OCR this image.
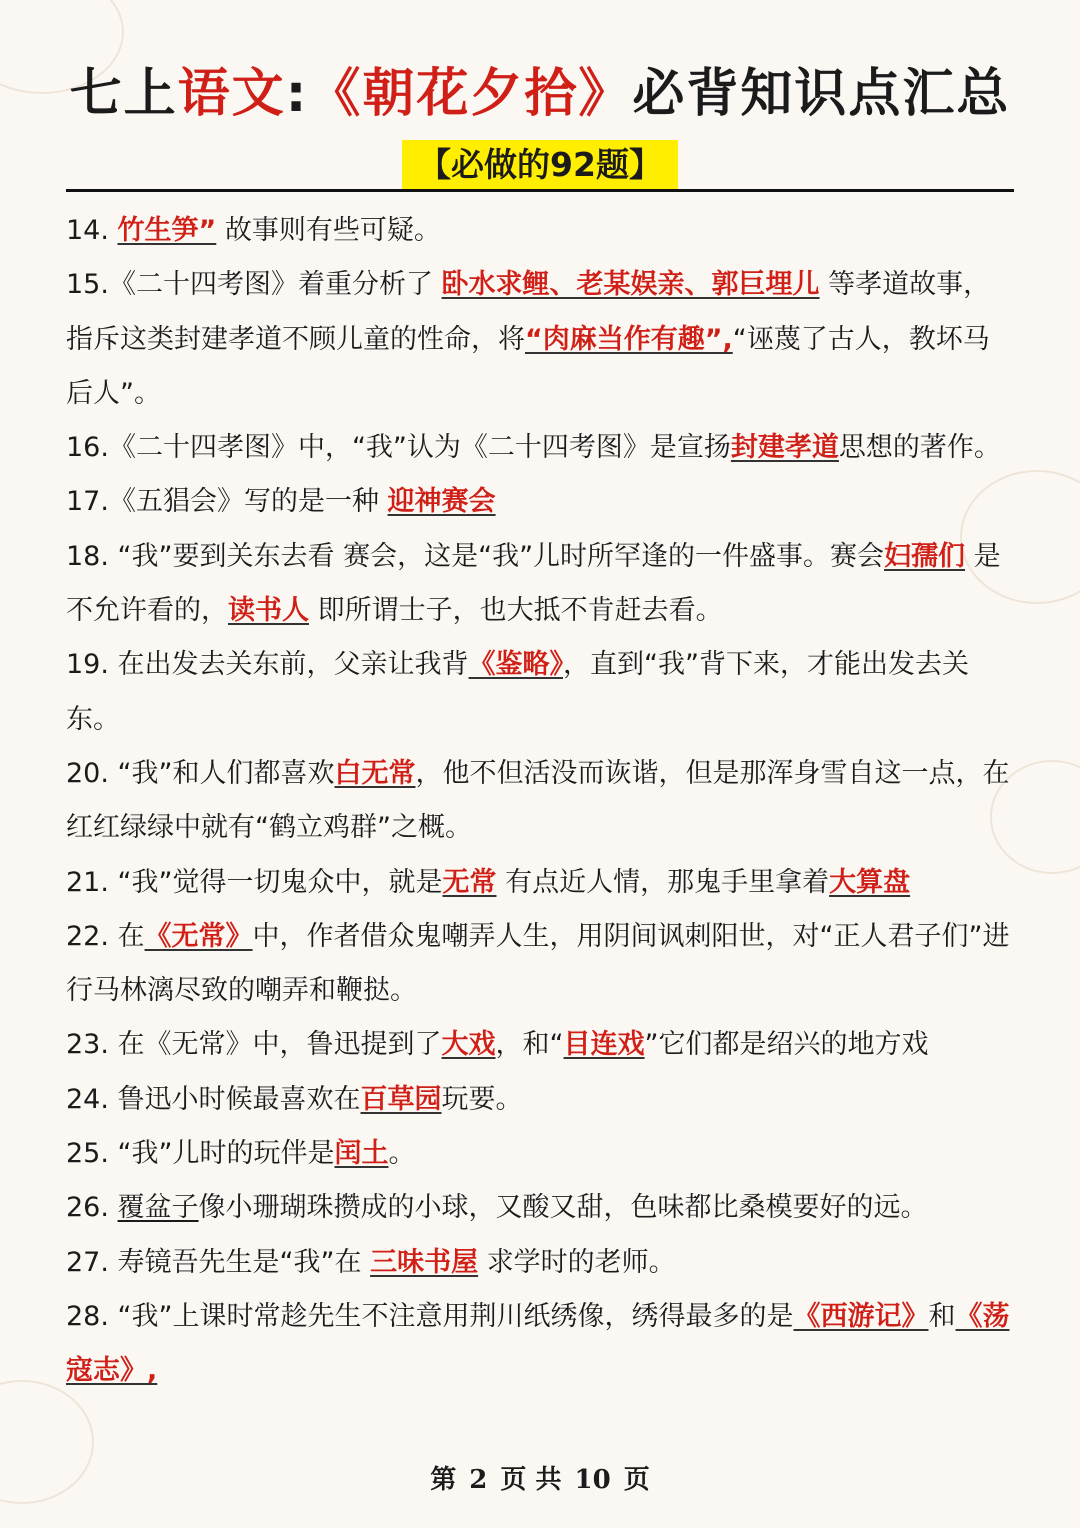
七上语文:《朝花夕拾》必背知识点汇总
【必做的92题】

14. 竹生笋” 故事则有些可疑。

15.《二十四考图》着重分析了 卧水求鲤、老某娱亲、郭巨埋儿 等孝道故事，指斥这类封建孝道不顾儿童的性命，将“肉麻当作有趣”,“诬蔑了古人，教坏马后人”。

16.《二十四孝图》中，“我”认为《二十四考图》是宣扬封建孝道思想的著作。

17.《五猖会》写的是一种 迎神赛会

18. “我”要到关东去看 赛会，这是“我”儿时所罕逢的一件盛事。赛会妇孺们 是不允许看的，读书人 即所谓士子，也大抵不肯赶去看。

19. 在出发去关东前，父亲让我背《鉴略》，直到“我”背下来，才能出发去关东。

20. “我”和人们都喜欢白无常，他不但活没而诙谐，但是那浑身雪自这一点，在红红绿绿中就有“鹤立鸡群”之概。

21. “我”觉得一切鬼众中，就是无常 有点近人情，那鬼手里拿着大算盘

22. 在《无常》中，作者借众鬼嘲弄人生，用阴间讽刺阳世，对“正人君子们”进行马林漓尽致的嘲弄和鞭挞。

23. 在《无常》中，鲁迅提到了大戏，和“目连戏”它们都是绍兴的地方戏

24. 鲁迅小时候最喜欢在百草园玩要。

25. “我”儿时的玩伴是闰土。

26. 覆盆子像小珊瑚珠攒成的小球，又酸又甜，色味都比桑模要好的远。

27. 寿镜吾先生是“我”在 三味书屋 求学时的老师。

28. “我”上课时常趁先生不注意用荆川纸绣像，绣得最多的是《西游记》和《荡寇志》,

第 2 页 共 10 页
